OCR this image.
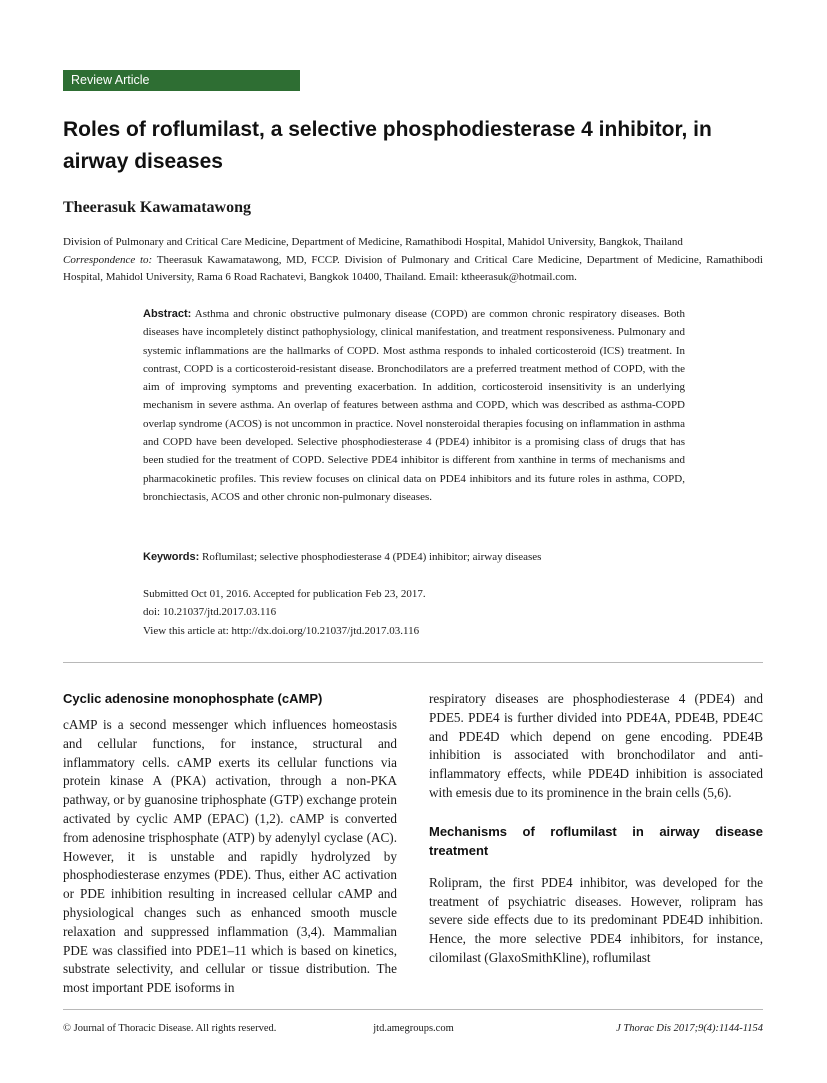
Review Article
Roles of roflumilast, a selective phosphodiesterase 4 inhibitor, in airway diseases
Theerasuk Kawamatawong
Division of Pulmonary and Critical Care Medicine, Department of Medicine, Ramathibodi Hospital, Mahidol University, Bangkok, Thailand
Correspondence to: Theerasuk Kawamatawong, MD, FCCP. Division of Pulmonary and Critical Care Medicine, Department of Medicine, Ramathibodi Hospital, Mahidol University, Rama 6 Road Rachatevi, Bangkok 10400, Thailand. Email: ktheerasuk@hotmail.com.
Abstract: Asthma and chronic obstructive pulmonary disease (COPD) are common chronic respiratory diseases. Both diseases have incompletely distinct pathophysiology, clinical manifestation, and treatment responsiveness. Pulmonary and systemic inflammations are the hallmarks of COPD. Most asthma responds to inhaled corticosteroid (ICS) treatment. In contrast, COPD is a corticosteroid-resistant disease. Bronchodilators are a preferred treatment method of COPD, with the aim of improving symptoms and preventing exacerbation. In addition, corticosteroid insensitivity is an underlying mechanism in severe asthma. An overlap of features between asthma and COPD, which was described as asthma-COPD overlap syndrome (ACOS) is not uncommon in practice. Novel nonsteroidal therapies focusing on inflammation in asthma and COPD have been developed. Selective phosphodiesterase 4 (PDE4) inhibitor is a promising class of drugs that has been studied for the treatment of COPD. Selective PDE4 inhibitor is different from xanthine in terms of mechanisms and pharmacokinetic profiles. This review focuses on clinical data on PDE4 inhibitors and its future roles in asthma, COPD, bronchiectasis, ACOS and other chronic non-pulmonary diseases.
Keywords: Roflumilast; selective phosphodiesterase 4 (PDE4) inhibitor; airway diseases
Submitted Oct 01, 2016. Accepted for publication Feb 23, 2017.
doi: 10.21037/jtd.2017.03.116
View this article at: http://dx.doi.org/10.21037/jtd.2017.03.116
Cyclic adenosine monophosphate (cAMP)

cAMP is a second messenger which influences homeostasis and cellular functions, for instance, structural and inflammatory cells. cAMP exerts its cellular functions via protein kinase A (PKA) activation, through a non-PKA pathway, or by guanosine triphosphate (GTP) exchange protein activated by cyclic AMP (EPAC) (1,2). cAMP is converted from adenosine trisphosphate (ATP) by adenylyl cyclase (AC). However, it is unstable and rapidly hydrolyzed by phosphodiesterase enzymes (PDE). Thus, either AC activation or PDE inhibition resulting in increased cellular cAMP and physiological changes such as enhanced smooth muscle relaxation and suppressed inflammation (3,4). Mammalian PDE was classified into PDE1–11 which is based on kinetics, substrate selectivity, and cellular or tissue distribution. The most important PDE isoforms in

respiratory diseases are phosphodiesterase 4 (PDE4) and PDE5. PDE4 is further divided into PDE4A, PDE4B, PDE4C and PDE4D which depend on gene encoding. PDE4B inhibition is associated with bronchodilator and anti-inflammatory effects, while PDE4D inhibition is associated with emesis due to its prominence in the brain cells (5,6).

Mechanisms of roflumilast in airway disease treatment

Rolipram, the first PDE4 inhibitor, was developed for the treatment of psychiatric diseases. However, rolipram has severe side effects due to its predominant PDE4D inhibition. Hence, the more selective PDE4 inhibitors, for instance, cilomilast (GlaxoSmithKline), roflumilast

© Journal of Thoracic Disease. All rights reserved.	jtd.amegroups.com	J Thorac Dis 2017;9(4):1144-1154
